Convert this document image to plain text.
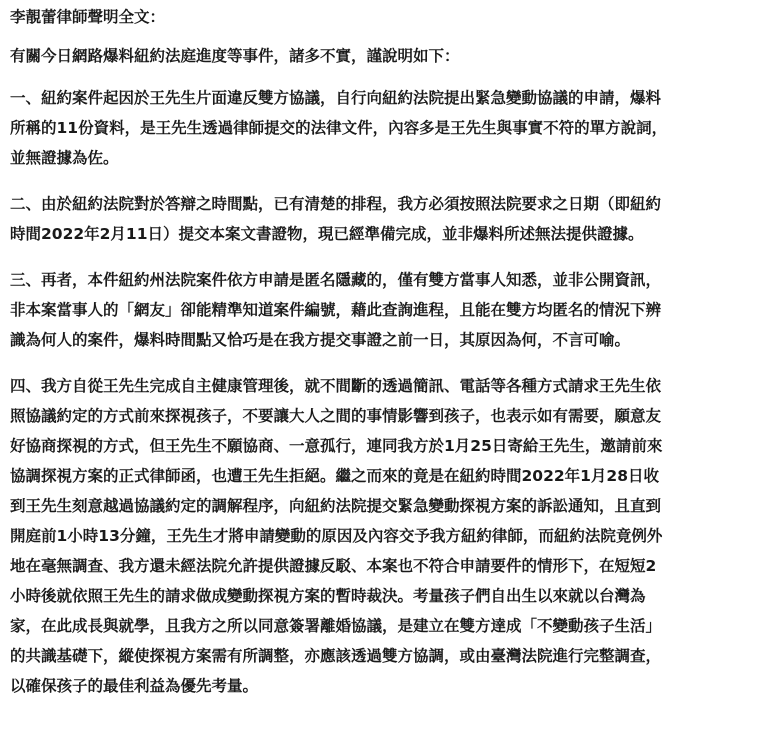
李靚蕾律師聲明全文：
有關今日網路爆料紐約法庭進度等事件，諸多不實，謹說明如下：
一、紐約案件起因於王先生片面違反雙方協議，自行向紐約法院提出緊急變動協議的申請，爆料
所稱的11份資料，是王先生透過律師提交的法律文件，內容多是王先生與事實不符的單方說詞，
並無證據為佐。
二、由於紐約法院對於答辯之時間點，已有清楚的排程，我方必須按照法院要求之日期（即紐約
時間2022年2月11日）提交本案文書證物，現已經準備完成，並非爆料所述無法提供證據。
三、再者，本件紐約州法院案件依方申請是匿名隱藏的，僅有雙方當事人知悉，並非公開資訊，
非本案當事人的「網友」卻能精準知道案件編號，藉此查詢進程，且能在雙方均匿名的情況下辨
識為何人的案件，爆料時間點又恰巧是在我方提交事證之前一日，其原因為何，不言可喻。
四、我方自從王先生完成自主健康管理後，就不間斷的透過簡訊、電話等各種方式請求王先生依
照協議約定的方式前來探視孩子，不要讓大人之間的事情影響到孩子，也表示如有需要，願意友
好協商探視的方式，但王先生不願協商、一意孤行，連同我方於1月25日寄給王先生，邀請前來
協調探視方案的正式律師函，也遭王先生拒絕。繼之而來的竟是在紐約時間2022年1月28日收
到王先生刻意越過協議約定的調解程序，向紐約法院提交緊急變動探視方案的訴訟通知，且直到
開庭前1小時13分鐘，王先生才將申請變動的原因及內容交予我方紐約律師，而紐約法院竟例外
地在毫無調查、我方還未經法院允許提供證據反駁、本案也不符合申請要件的情形下，在短短2
小時後就依照王先生的請求做成變動探視方案的暫時裁決。考量孩子們自出生以來就以台灣為
家，在此成長與就學，且我方之所以同意簽署離婚協議，是建立在雙方達成「不變動孩子生活」
的共識基礎下，縱使探視方案需有所調整，亦應該透過雙方協調，或由臺灣法院進行完整調查，
以確保孩子的最佳利益為優先考量。
